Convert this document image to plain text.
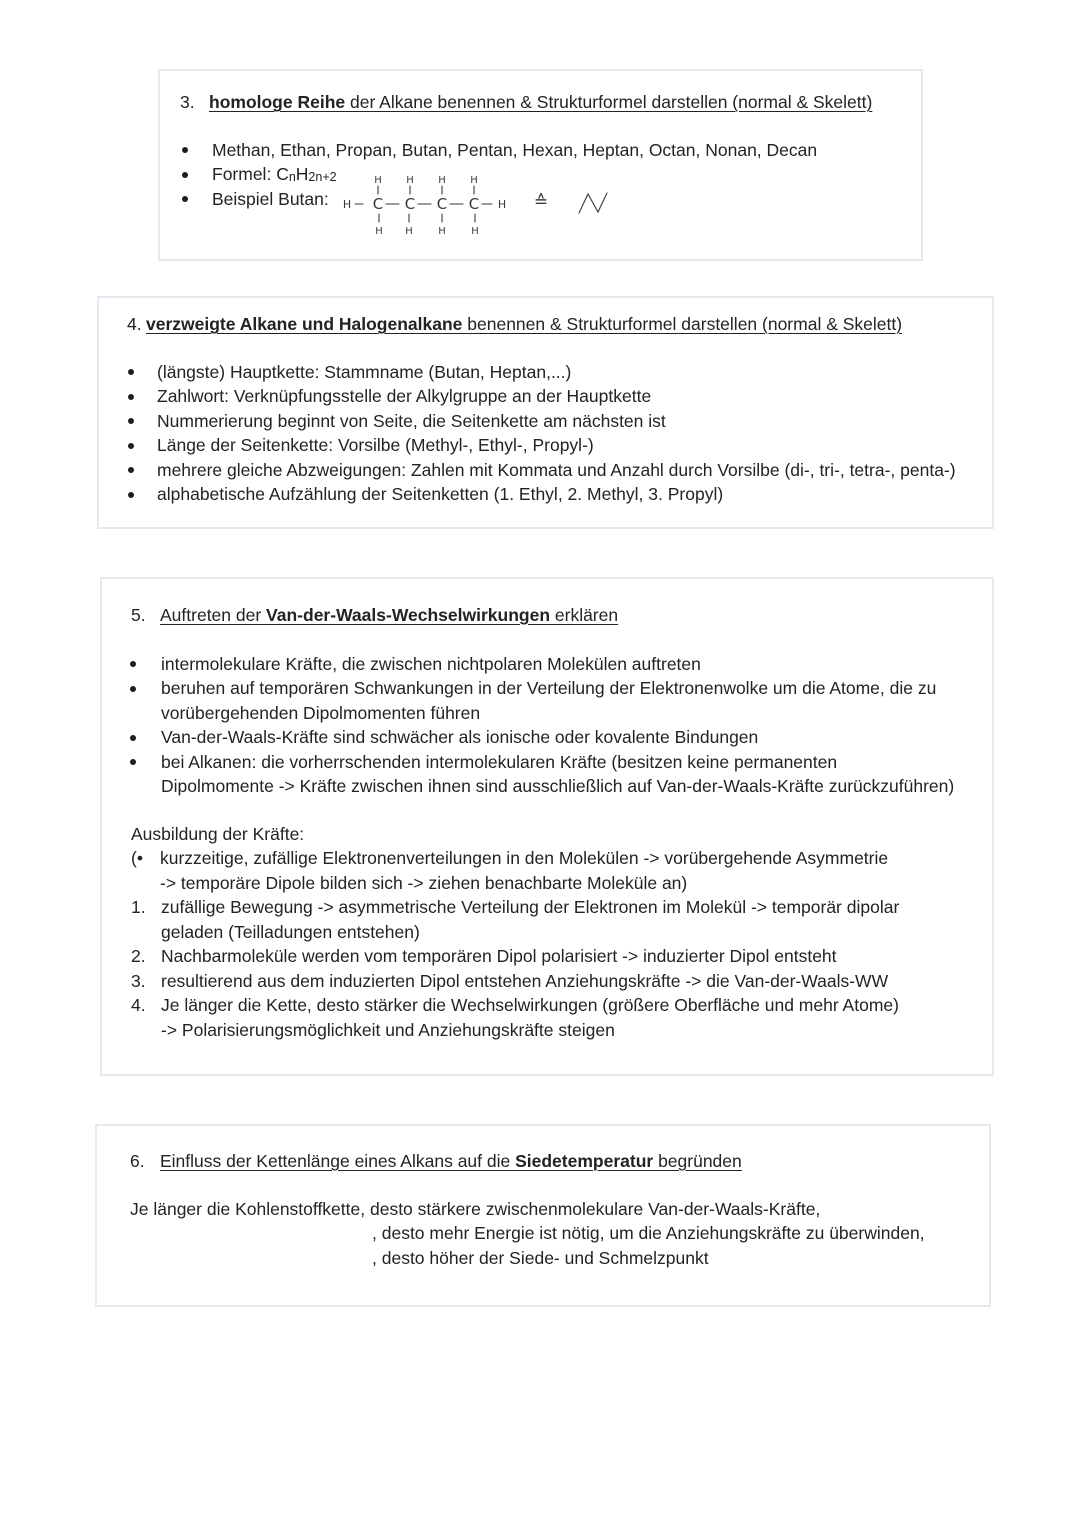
3. homologe Reihe der Alkane benennen & Strukturformel darstellen (normal & Skelett)
Methan, Ethan, Propan, Butan, Pentan, Hexan, Heptan, Octan, Nonan, Decan
Formel: CnH2n+2
Beispiel Butan:	H C C C C H
H H H H
H H	H	H
≙
4. verzweigte Alkane und Halogenalkane benennen & Strukturformel darstellen (normal & Skelett)
(längste) Hauptkette: Stammname (Butan, Heptan,...)
Zahlwort: Verknüpfungsstelle der Alkylgruppe an der Hauptkette
Nummerierung beginnt von Seite, die Seitenkette am nächsten ist
Länge der Seitenkette: Vorsilbe (Methyl-, Ethyl-, Propyl-)
mehrere gleiche Abzweigungen: Zahlen mit Kommata und Anzahl durch Vorsilbe (di-, tri-, tetra-, penta-)
alphabetische Aufzählung der Seitenketten (1. Ethyl, 2. Methyl, 3. Propyl)
5. Auftreten der Van-der-Waals-Wechselwirkungen erklären
intermolekulare Kräfte, die zwischen nichtpolaren Molekülen auftreten
beruhen auf temporären Schwankungen in der Verteilung der Elektronenwolke um die Atome, die zu
vorübergehenden Dipolmomenten führen
Van-der-Waals-Kräfte sind schwächer als ionische oder kovalente Bindungen
bei Alkanen: die vorherrschenden intermolekularen Kräfte (besitzen keine permanenten
Dipolmomente -> Kräfte zwischen ihnen sind ausschließlich auf Van-der-Waals-Kräfte zurückzuführen)
Ausbildung der Kräfte:
(• kurzzeitige, zufällige Elektronenverteilungen in den Molekülen -> vorübergehende Asymmetrie
-> temporäre Dipole bilden sich -> ziehen benachbarte Moleküle an)
1. zufällige Bewegung -> asymmetrische Verteilung der Elektronen im Molekül -> temporär dipolar
geladen (Teilladungen entstehen)
2. Nachbarmoleküle werden vom temporären Dipol polarisiert -> induzierter Dipol entsteht
3. resultierend aus dem induzierten Dipol entstehen Anziehungskräfte -> die Van-der-Waals-WW
4. Je länger die Kette, desto stärker die Wechselwirkungen (größere Oberfläche und mehr Atome)
-> Polarisierungsmöglichkeit und Anziehungskräfte steigen
6. Einfluss der Kettenlänge eines Alkans auf die Siedetemperatur begründen
Je länger die Kohlenstoffkette, desto stärkere zwischenmolekulare Van-der-Waals-Kräfte,
, desto mehr Energie ist nötig, um die Anziehungskräfte zu überwinden,
, desto höher der Siede- und Schmelzpunkt
